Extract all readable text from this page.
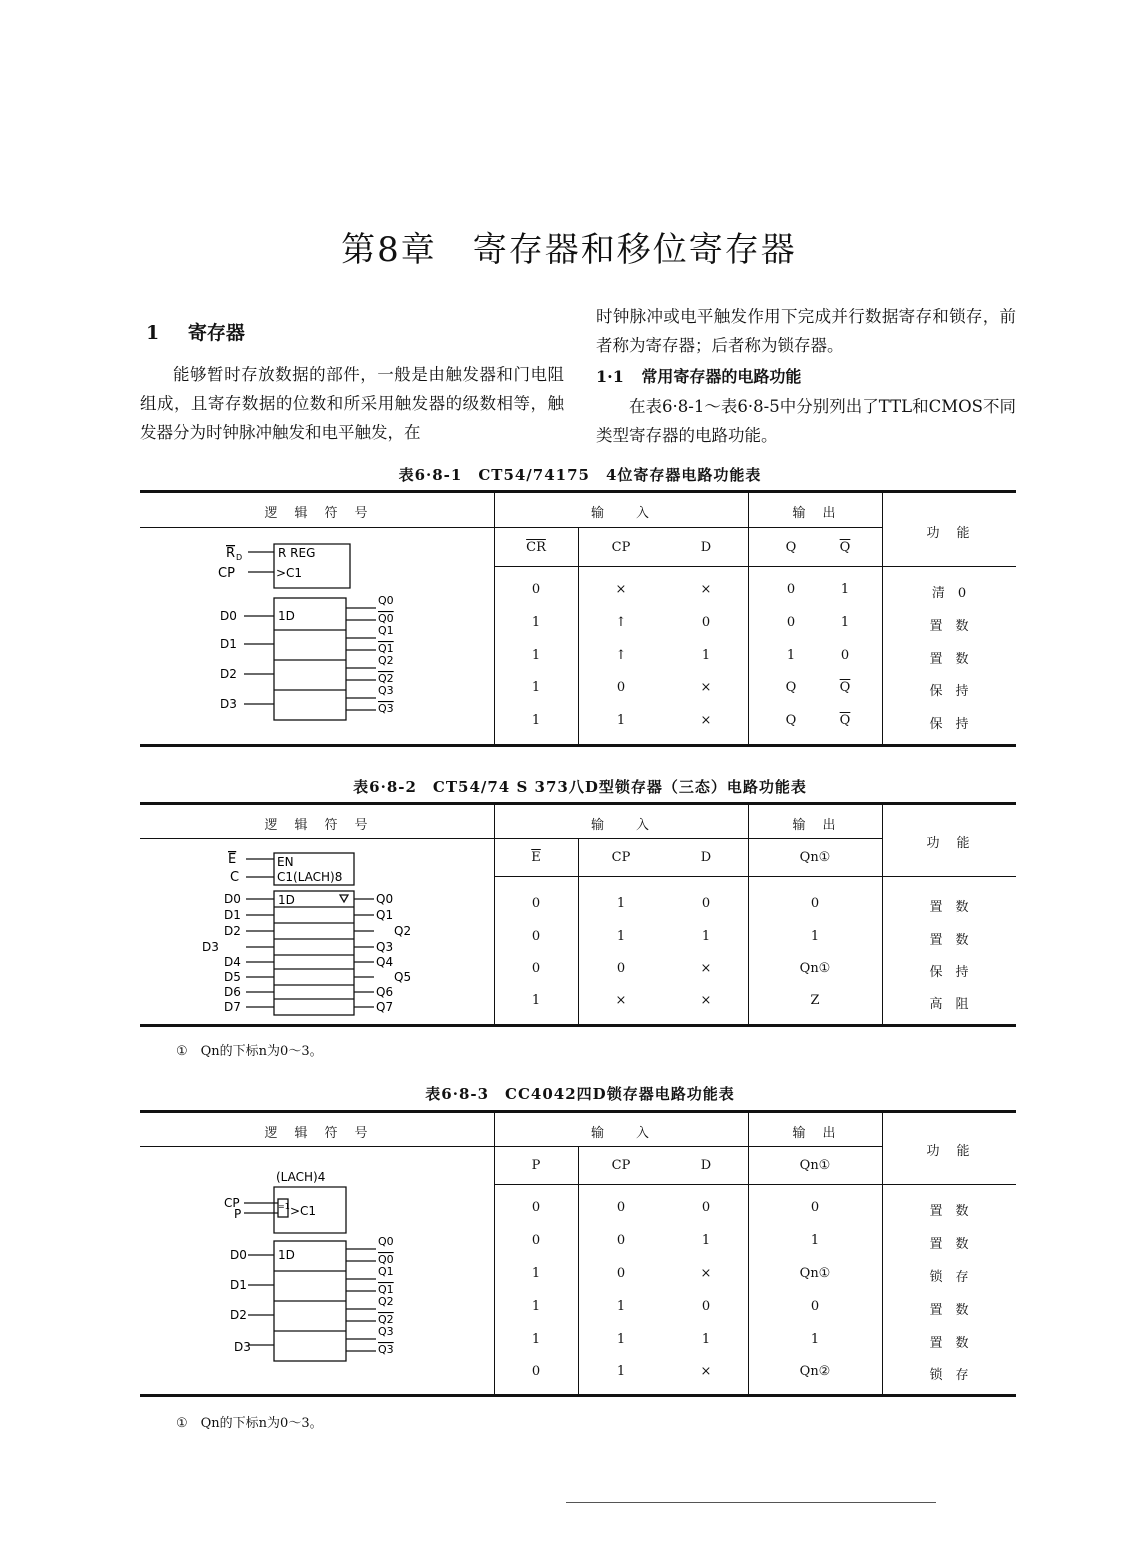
第8章　寄存器和移位寄存器
1 寄存器
能够暂时存放数据的部件，一般是由触发器和门电阻组成，且寄存数据的位数和所采用触发器的级数相等，触发器分为时钟脉冲触发和电平触发，在
时钟脉冲或电平触发作用下完成并行数据寄存和锁存，前者称为寄存器；后者称为锁存器。
1·1 常用寄存器的电路功能
在表6·8-1～表6·8-5中分别列出了TTL和CMOS不同类型寄存器的电路功能。
表6·8-1　CT54/74175　4位寄存器电路功能表
逻　辑　符　号	输　　入	输　出
功　能
$\overline{CR}$	CP	D	Q	$\overline{Q}$
0	×	×	0	1	清　0
1	↑	0	0	1	置　数
1	↑	1	1	0	置　数
1	0	×	Q	$\overline{Q}$	保　持
1	1	×	Q	$\overline{Q}$	保　持
R D
CP
R REG
>C1
1D
D0
D1
D2
D3
Q0
Q0
Q1
Q1
Q2
Q2
Q3
Q3
表6·8-2　CT54/74 S 373八D型锁存器（三态）电路功能表
逻　辑　符　号	输　　入	输　出
功　能
$\overline{E}$	CP	D	Qn①
0	1	0	0	置　数
0	1	1	1	置　数
0	0	×	Qn①	保　持
1	×	×	Z	高　阻
E
C
EN
C1(LACH)8
1D
D0
D1
D2
D3
D4
D5
D6
D7
Q0
Q1
Q2
Q3
Q4
Q5
Q6
Q7
①　Qn的下标n为0～3。
表6·8-3　CC4042四D锁存器电路功能表
逻　辑　符　号	输　　入	输　出
功　能
P	CP	D	Qn①
0	0	0	0	置　数
0	0	1	1	置　数
1	0	×	Qn①	锁　存
1	1	0	0	置　数
1	1	1	1	置　数
0	1	×	Qn②	锁　存
(LACH)4
=1 >C1
CP
P
1D
D0
D1
D2
D3
Q0
Q0
Q1
Q1
Q2
Q2
Q3
Q3
①　Qn的下标n为0～3。
